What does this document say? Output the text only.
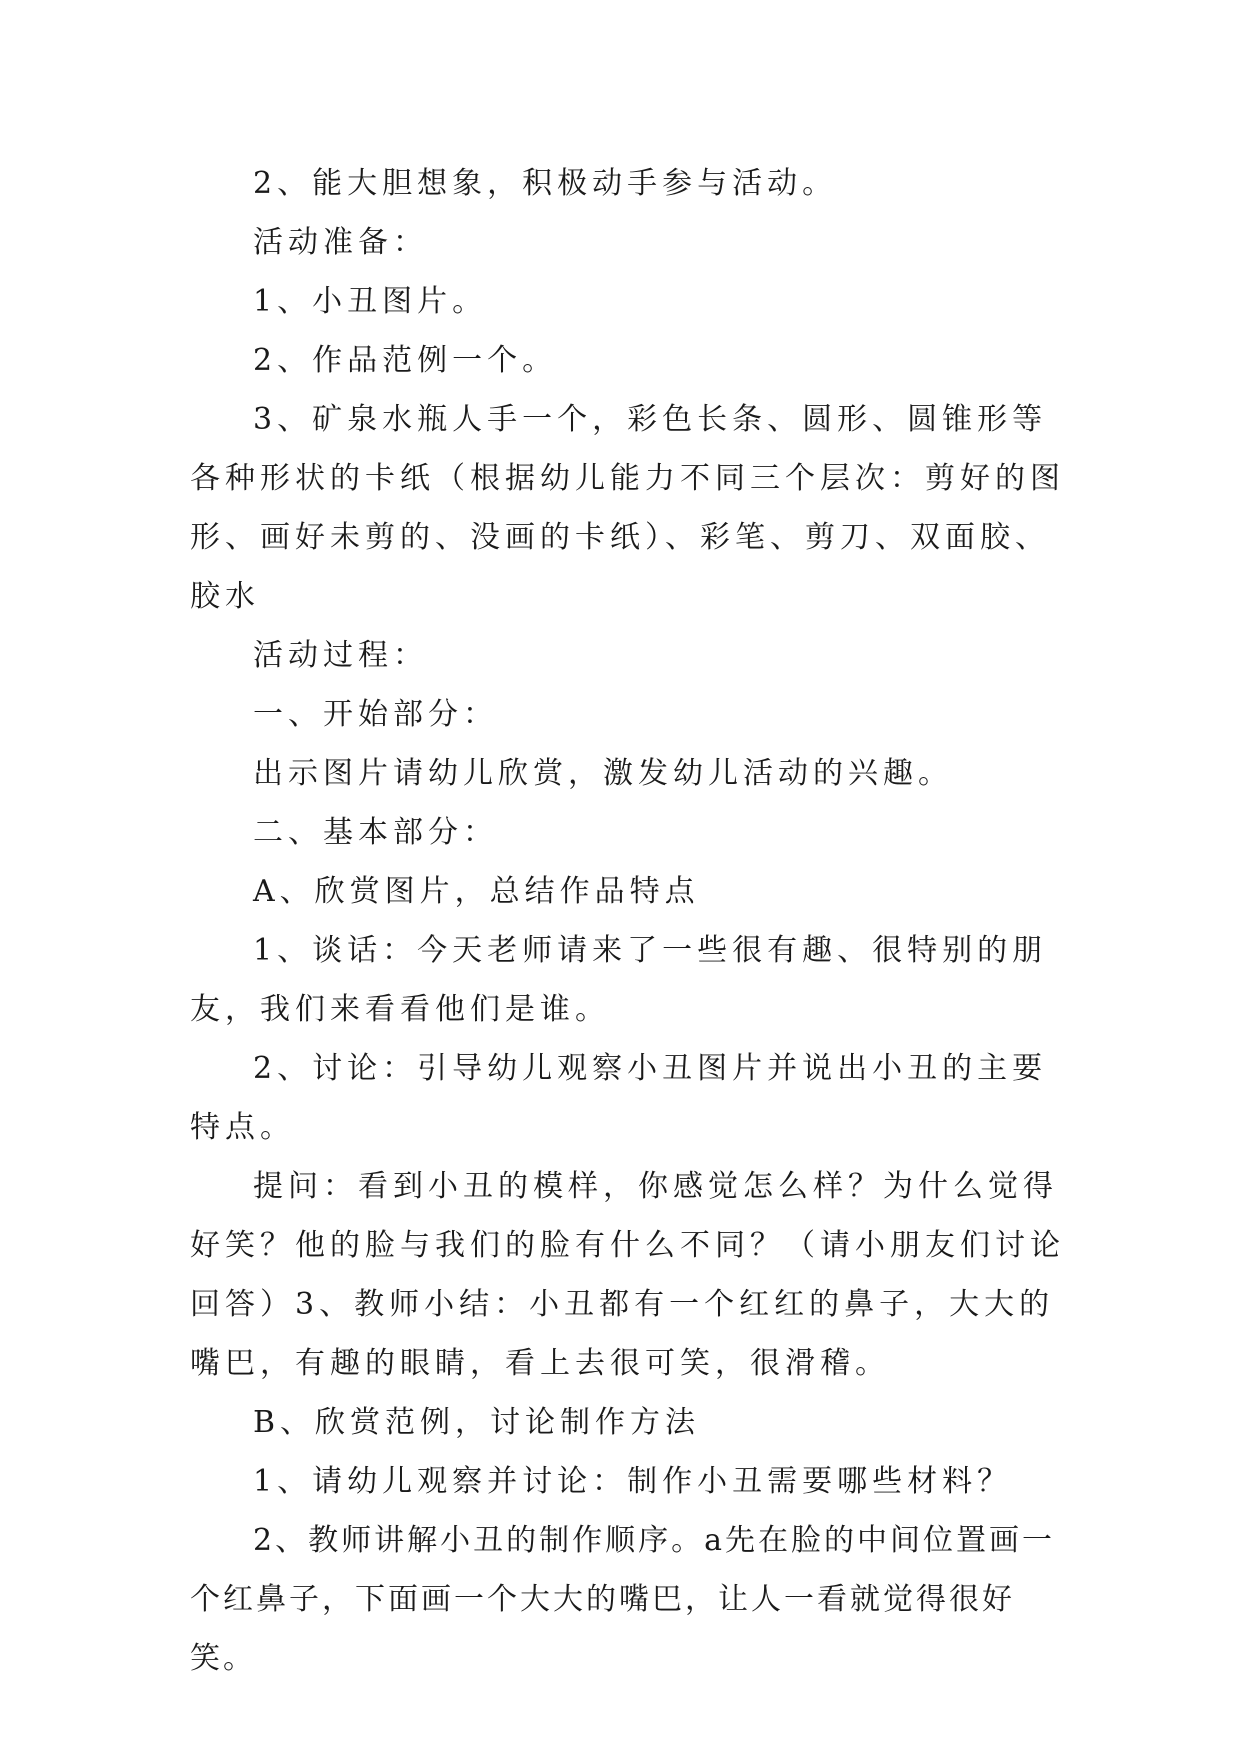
2、能大胆想象，积极动手参与活动。

活动准备：

1、小丑图片。

2、作品范例一个。

3、矿泉水瓶人手一个，彩色长条、圆形、圆锥形等各种形状的卡纸（根据幼儿能力不同三个层次：剪好的图形、画好未剪的、没画的卡纸）、彩笔、剪刀、双面胶、胶水

活动过程：

一、开始部分：

出示图片请幼儿欣赏，激发幼儿活动的兴趣。

二、基本部分：

A、欣赏图片，总结作品特点

1、谈话：今天老师请来了一些很有趣、很特别的朋友，我们来看看他们是谁。

2、讨论：引导幼儿观察小丑图片并说出小丑的主要特点。

提问：看到小丑的模样，你感觉怎么样？为什么觉得好笑？他的脸与我们的脸有什么不同？（请小朋友们讨论回答）3、教师小结：小丑都有一个红红的鼻子，大大的嘴巴，有趣的眼睛，看上去很可笑，很滑稽。

B、欣赏范例，讨论制作方法

1、请幼儿观察并讨论：制作小丑需要哪些材料？

2、教师讲解小丑的制作顺序。a先在脸的中间位置画一个红鼻子，下面画一个大大的嘴巴，让人一看就觉得很好笑。
